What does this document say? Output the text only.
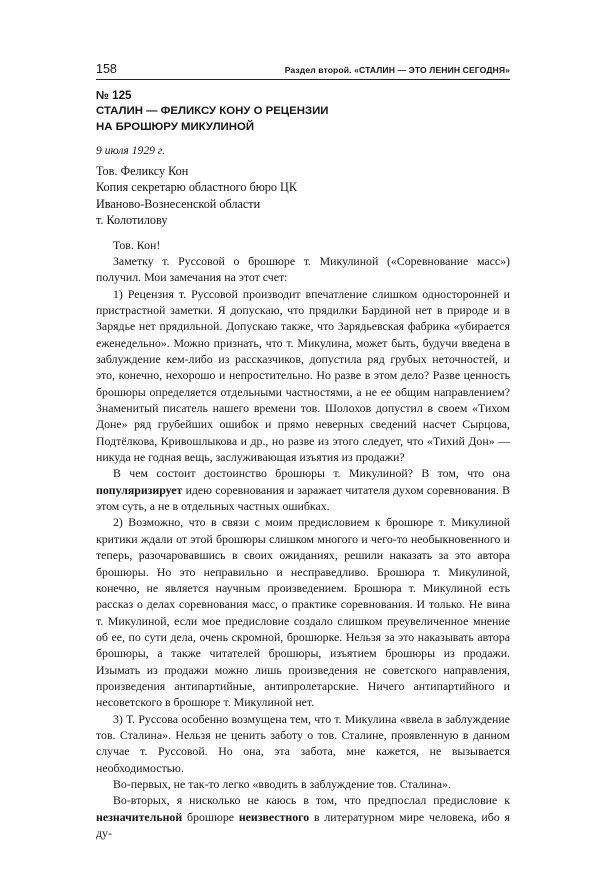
158	Раздел второй. «СТАЛИН — ЭТО ЛЕНИН СЕГОДНЯ»
№ 125
СТАЛИН — ФЕЛИКСУ КОНУ О РЕЦЕНЗИИ
НА БРОШЮРУ МИКУЛИНОЙ
9 июля 1929 г.
Тов. Феликсу Кон
Копия секретарю областного бюро ЦК
Иваново-Вознесенской области
т. Колотилову

Тов. Кон!

Заметку т. Руссовой о брошюре т. Микулиной («Соревнование масс») получил. Мои замечания на этот счет:

1) Рецензия т. Руссовой производит впечатление слишком односторонней и пристрастной заметки. Я допускаю, что прядилки Бардиной нет в природе и в Зарядье нет прядильной. Допускаю также, что Зарядьевская фабрика «убирается еженедельно». Можно признать, что т. Микулина, может быть, будучи введена в заблуждение кем-либо из рассказчиков, допустила ряд грубых неточностей, и это, конечно, нехорошо и непростительно. Но разве в этом дело? Разве ценность брошюры определяется отдельными частностями, а не ее общим направлением? Знаменитый писатель нашего времени тов. Шолохов допустил в своем «Тихом Доне» ряд грубейших ошибок и прямо неверных сведений насчет Сырцова, Подтёлкова, Кривошлыкова и др., но разве из этого следует, что «Тихий Дон» — никуда не годная вещь, заслуживающая изъятия из продажи?

В чем состоит достоинство брошюры т. Микулиной? В том, что она популяризирует идею соревнования и заражает читателя духом соревнования. В этом суть, а не в отдельных частных ошибках.

2) Возможно, что в связи с моим предисловием к брошюре т. Микулиной критики ждали от этой брошюры слишком многого и чего-то необыкновенного и теперь, разочаровавшись в своих ожиданиях, решили наказать за это автора брошюры. Но это неправильно и несправедливо. Брошюра т. Микулиной, конечно, не является научным произведением. Брошюра т. Микулиной есть рассказ о делах соревнования масс, о практике соревнования. И только. Не вина т. Микулиной, если мое предисловие создало слишком преувеличенное мнение об ее, по сути дела, очень скромной, брошюрке. Нельзя за это наказывать автора брошюры, а также читателей брошюры, изъятием брошюры из продажи. Изымать из продажи можно лишь произведения не советского направления, произведения антипартийные, антипролетарские. Ничего антипартийного и несоветского в брошюре т. Микулиной нет.

3) Т. Руссова особенно возмущена тем, что т. Микулина «ввела в заблуждение тов. Сталина». Нельзя не ценить заботу о тов. Сталине, проявленную в данном случае т. Руссовой. Но она, эта забота, мне кажется, не вызывается необходимостью.

Во-первых, не так-то легко «вводить в заблуждение тов. Сталина».

Во-вторых, я нисколько не каюсь в том, что предпослал предисловие к незначительной брошюре неизвестного в литературном мире человека, ибо я ду-
